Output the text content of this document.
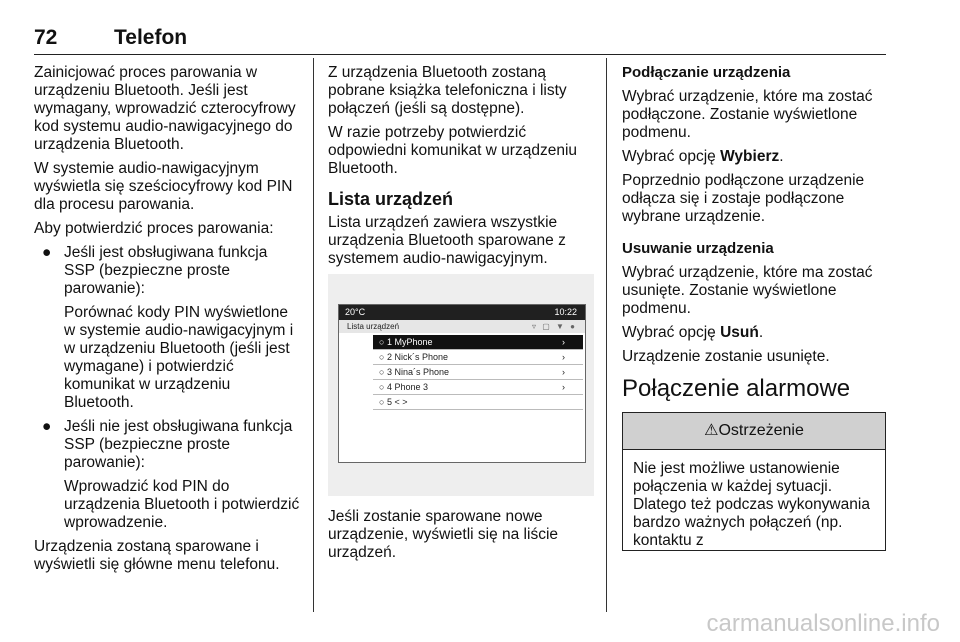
72	Telefon

Zainicjować proces parowania w urządzeniu Bluetooth. Jeśli jest wymagany, wprowadzić czterocyfrowy kod systemu audio-nawigacyjnego do urządzenia Bluetooth.

W systemie audio-nawigacyjnym wyświetla się sześciocyfrowy kod PIN dla procesu parowania.

Aby potwierdzić proces parowania:

● Jeśli jest obsługiwana funkcja SSP (bezpieczne proste parowanie):

Porównać kody PIN wyświetlone w systemie audio-nawigacyjnym i w urządzeniu Bluetooth (jeśli jest wymagane) i potwierdzić komunikat w urządzeniu Bluetooth.

● Jeśli nie jest obsługiwana funkcja SSP (bezpieczne proste parowanie):

Wprowadzić kod PIN do urządzenia Bluetooth i potwierdzić wprowadzenie.

Urządzenia zostaną sparowane i wyświetli się główne menu telefonu.

Z urządzenia Bluetooth zostaną pobrane książka telefoniczna i listy połączeń (jeśli są dostępne).

W razie potrzeby potwierdzić odpowiedni komunikat w urządzeniu Bluetooth.

Lista urządzeń

Lista urządzeń zawiera wszystkie urządzenia Bluetooth sparowane z systemem audio-nawigacyjnym.

20°C	10:22
Lista urządzeń	▿ ▢ ▼ ●
○ 1 MyPhone	›
○ 2 Nick´s Phone	›
○ 3 Nina´s Phone	›
○ 4 Phone 3	›
○ 5 < >

Jeśli zostanie sparowane nowe urządzenie, wyświetli się na liście urządzeń.

Podłączanie urządzenia

Wybrać urządzenie, które ma zostać podłączone. Zostanie wyświetlone podmenu.

Wybrać opcję Wybierz.

Poprzednio podłączone urządzenie odłącza się i zostaje podłączone wybrane urządzenie.

Usuwanie urządzenia

Wybrać urządzenie, które ma zostać usunięte. Zostanie wyświetlone podmenu.

Wybrać opcję Usuń.

Urządzenie zostanie usunięte.

Połączenie alarmowe
⚠Ostrzeżenie
Nie jest możliwe ustanowienie połączenia w każdej sytuacji. Dlatego też podczas wykonywania bardzo ważnych połączeń (np. kontaktu z
carmanualsonline.info
